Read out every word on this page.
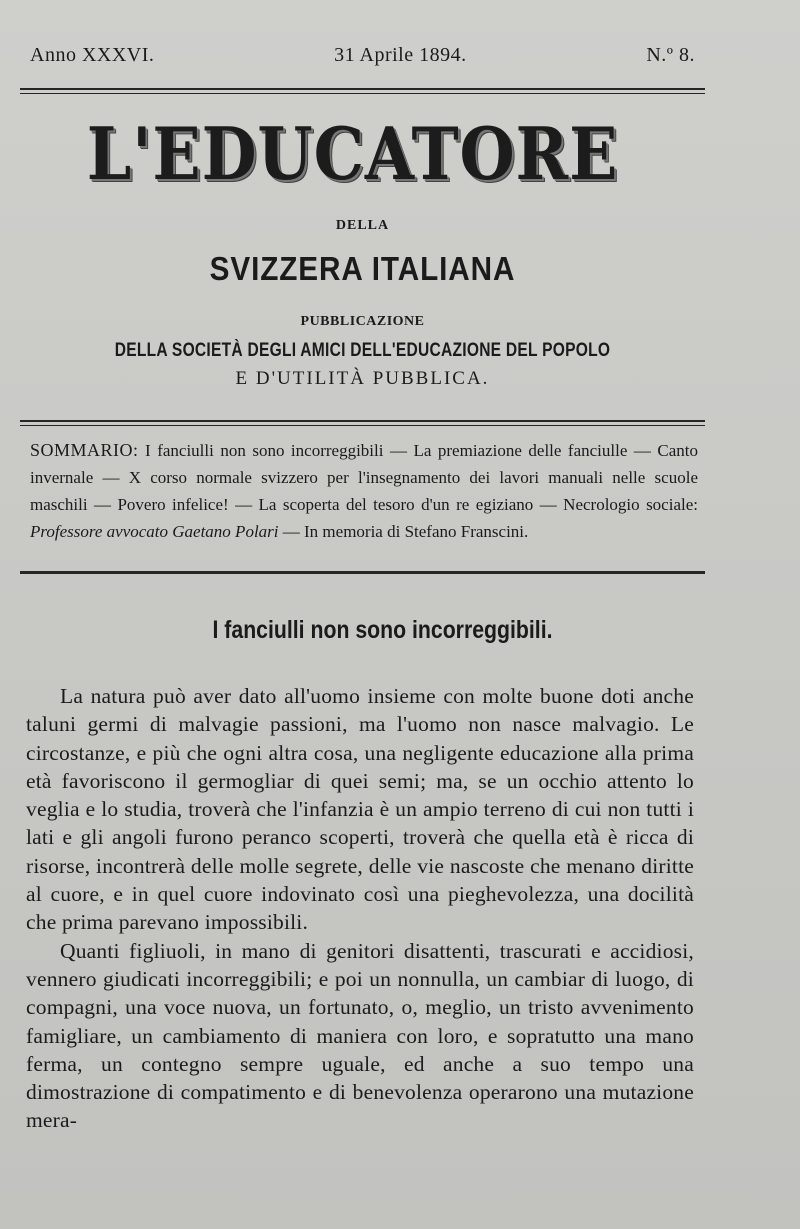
Anno XXXVI.	31 Aprile 1894.	N.º 8.
L'EDUCATORE
DELLA
SVIZZERA ITALIANA
PUBBLICAZIONE
DELLA SOCIETÀ DEGLI AMICI DELL'EDUCAZIONE DEL POPOLO
E D'UTILITÀ PUBBLICA.
SOMMARIO: I fanciulli non sono incorreggibili — La premiazione delle fanciulle — Canto invernale — X corso normale svizzero per l'insegnamento dei lavori manuali nelle scuole maschili — Povero infelice! — La scoperta del tesoro d'un re egiziano — Necrologio sociale: Professore avvocato Gaetano Polari — In memoria di Stefano Franscini.
I fanciulli non sono incorreggibili.

La natura può aver dato all'uomo insieme con molte buone doti anche taluni germi di malvagie passioni, ma l'uomo non nasce malvagio. Le circostanze, e più che ogni altra cosa, una negligente educazione alla prima età favoriscono il germogliar di quei semi; ma, se un occhio attento lo veglia e lo studia, troverà che l'infanzia è un ampio terreno di cui non tutti i lati e gli angoli furono peranco scoperti, troverà che quella età è ricca di risorse, incontrerà delle molle segrete, delle vie nascoste che menano diritte al cuore, e in quel cuore indovinato così una pieghevolezza, una docilità che prima parevano impossibili.

Quanti figliuoli, in mano di genitori disattenti, trascurati e accidiosi, vennero giudicati incorreggibili; e poi un nonnulla, un cambiar di luogo, di compagni, una voce nuova, un fortunato, o, meglio, un tristo avvenimento famigliare, un cambiamento di maniera con loro, e sopratutto una mano ferma, un contegno sempre uguale, ed anche a suo tempo una dimostrazione di compatimento e di benevolenza operarono una mutazione mera-
